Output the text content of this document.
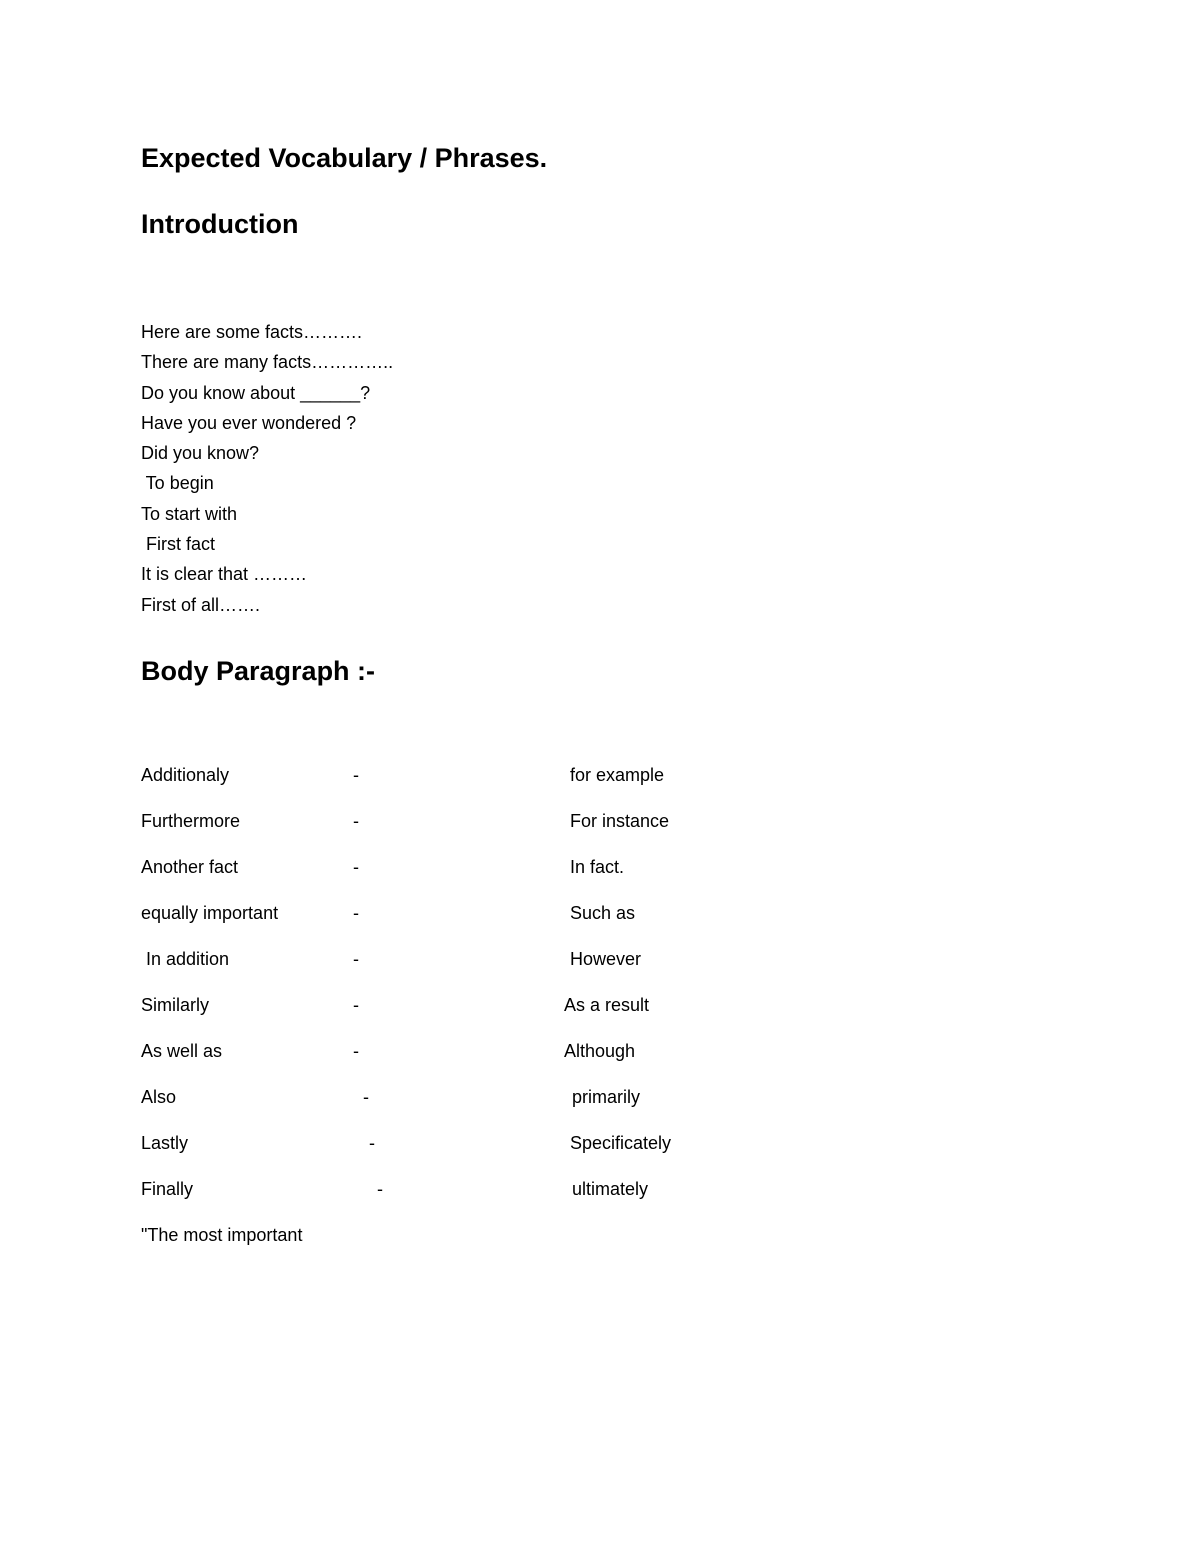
Expected Vocabulary / Phrases.
Introduction
Here are some facts……….
There are many facts…………..
Do you know about ______?
Have you ever wondered ?
Did you know?
To begin
To start with
First fact
It is clear that ………
First of all…….
Body Paragraph :-
Additionaly	-	for example
Furthermore	-	For instance
Another fact	-	In fact.
equally important	-	Such as
In addition	-	However
Similarly	-	As a result
As well as	-	Although
Also	-	primarily
Lastly	-	Specificately
Finally	-	ultimately
"The most important
